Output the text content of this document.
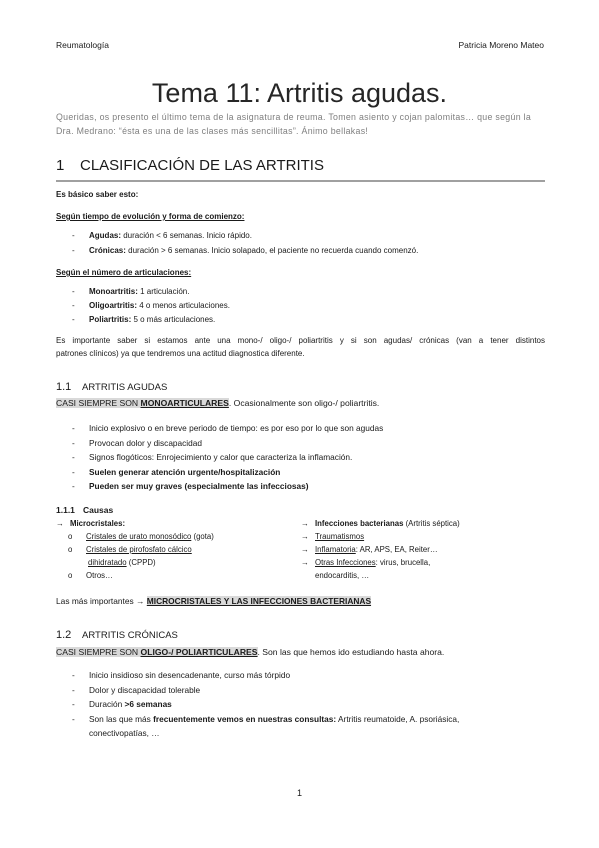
Reumatología	Patricia Moreno Mateo
Tema 11: Artritis agudas.
Queridas, os presento el último tema de la asignatura de reuma. Tomen asiento y cojan palomitas… que según la Dra. Medrano: “ésta es una de las clases más sencillitas”. Ánimo bellakas!
1 CLASIFICACIÓN DE LAS ARTRITIS
Es básico saber esto:
Según tiempo de evolución y forma de comienzo:
- Agudas: duración < 6 semanas. Inicio rápido.
- Crónicas: duración > 6 semanas. Inicio solapado, el paciente no recuerda cuando comenzó.
Según el número de articulaciones:
- Monoartritis: 1 articulación.
- Oligoartritis: 4 o menos articulaciones.
- Poliartritis: 5 o más articulaciones.
Es importante saber si estamos ante una mono-/ oligo-/ poliartritis y si son agudas/ crónicas (van a tener distintos
patrones clínicos) ya que tendremos una actitud diagnostica diferente.
1.1 ARTRITIS AGUDAS
CASI SIEMPRE SON MONOARTICULARES. Ocasionalmente son oligo-/ poliartritis.
- Inicio explosivo o en breve periodo de tiempo: es por eso por lo que son agudas
- Provocan dolor y discapacidad
- Signos flogóticos: Enrojecimiento y calor que caracteriza la inflamación.
- Suelen generar atención urgente/hospitalización
- Pueden ser muy graves (especialmente las infecciosas)
1.1.1 Causas
→ Microcristales:
o Cristales de urato monosódico (gota)
o Cristales de pirofosfato cálcico
dihidratado (CPPD)
o Otros…
→ Infecciones bacterianas (Artritis séptica)
→ Traumatismos
→ Inflamatoria: AR, APS, EA, Reiter…
→ Otras Infecciones: virus, brucella,
endocarditis, …
Las más importantes → MICROCRISTALES Y LAS INFECCIONES BACTERIANAS
1.2 ARTRITIS CRÓNICAS
CASI SIEMPRE SON OLIGO-/ POLIARTICULARES. Son las que hemos ido estudiando hasta ahora.
- Inicio insidioso sin desencadenante, curso más tórpido
- Dolor y discapacidad tolerable
- Duración >6 semanas
- Son las que más frecuentemente vemos en nuestras consultas: Artritis reumatoide, A. psoriásica,
conectivopatías, …
1
